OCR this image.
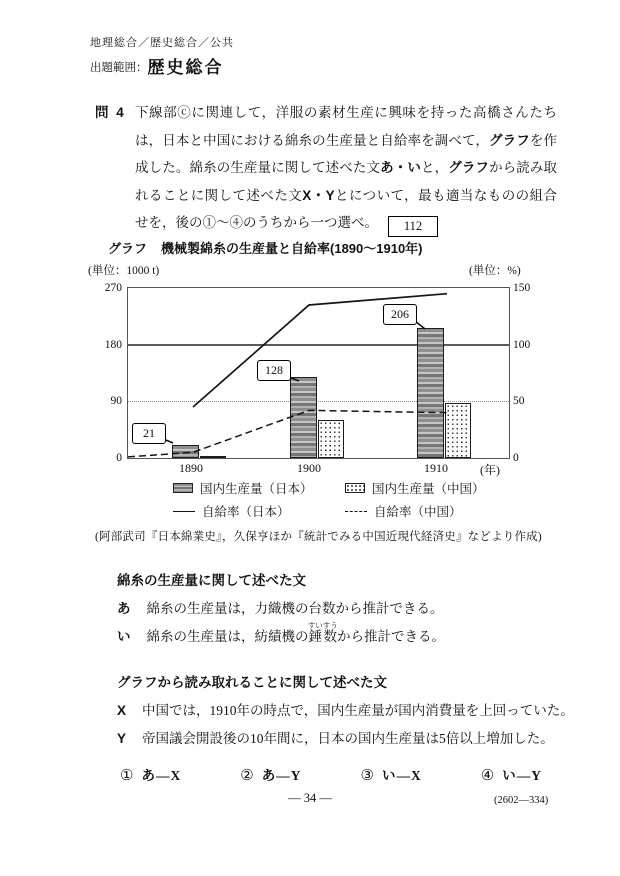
地理総合／歴史総合／公共
出題範囲：歴史総合
問 4 下線部ⓒに関連して，洋服の素材生産に興味を持った高橋さんたちは，日本と中国における綿糸の生産量と自給率を調べて，グラフを作成した。綿糸の生産量に関して述べた文あ・いと，グラフから読み取れることに関して述べた文X・Yとについて，最も適当なものの組合せを，後の①～④のうちから一つ選べ。 112
グラフ 機械製綿糸の生産量と自給率(1890～1910年)
(単位：1000 t)	(単位：%)
0
90
180
270
0
50
100
150
1890	1900	1910	(年)
21
128
206
国内生産量（日本）	国内生産量（中国）
自給率（日本）	自給率（中国）
(阿部武司『日本綿業史』，久保亨ほか『統計でみる中国近現代経済史』などより作成)
綿糸の生産量に関して述べた文
あ 綿糸の生産量は，力織機の台数から推計できる。
い 綿糸の生産量は，紡績機の錘数すいすうから推計できる。
グラフから読み取れることに関して述べた文
X 中国では，1910年の時点で，国内生産量が国内消費量を上回っていた。
Y 帝国議会開設後の10年間に，日本の国内生産量は5倍以上増加した。
① あ―X	② あ―Y	③ い―X	④ い―Y
— 34 —	(2602—334)
